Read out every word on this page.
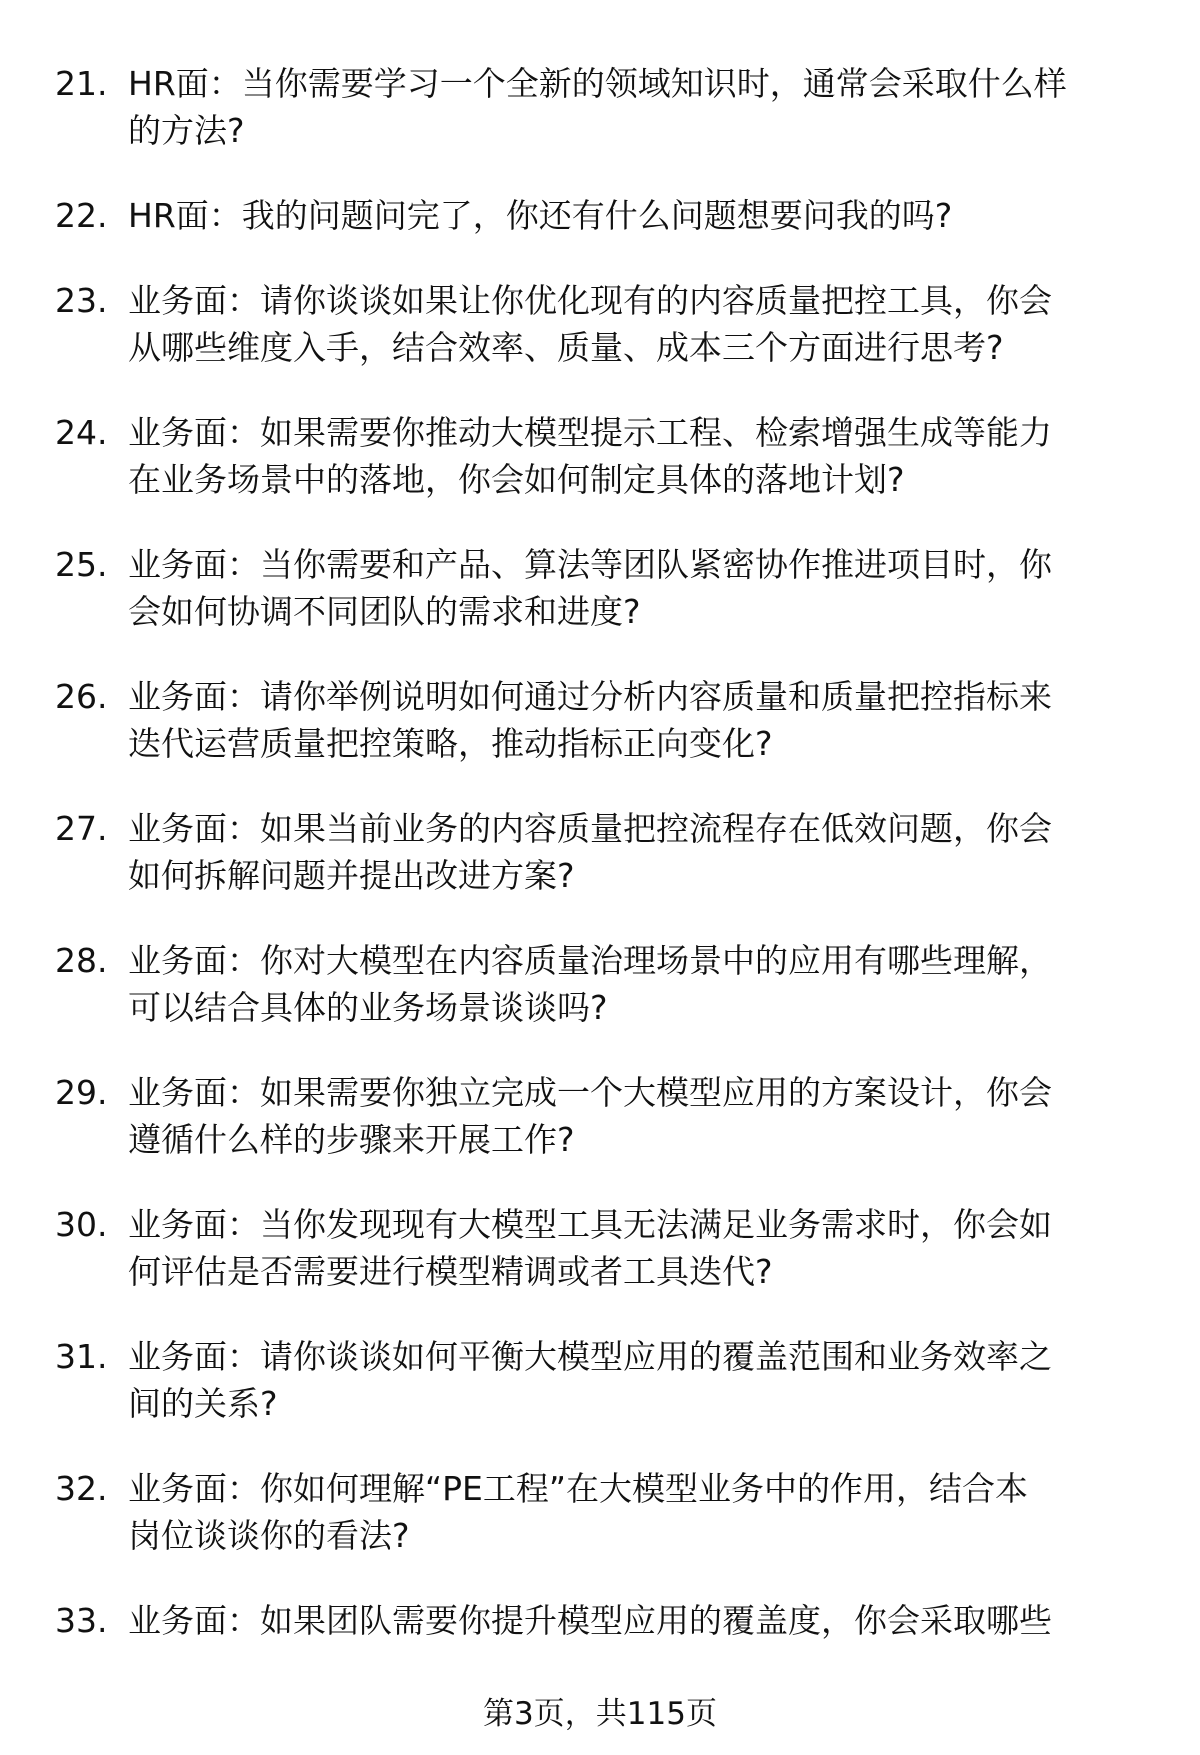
21. HR面：当你需要学习一个全新的领域知识时，通常会采取什么样
的方法?
22. HR面：我的问题问完了，你还有什么问题想要问我的吗?
23. 业务面：请你谈谈如果让你优化现有的内容质量把控工具，你会
从哪些维度入手，结合效率、质量、成本三个方面进行思考?
24. 业务面：如果需要你推动大模型提示工程、检索增强生成等能力
在业务场景中的落地，你会如何制定具体的落地计划?
25. 业务面：当你需要和产品、算法等团队紧密协作推进项目时，你
会如何协调不同团队的需求和进度?
26. 业务面：请你举例说明如何通过分析内容质量和质量把控指标来
迭代运营质量把控策略，推动指标正向变化?
27. 业务面：如果当前业务的内容质量把控流程存在低效问题，你会
如何拆解问题并提出改进方案?
28. 业务面：你对大模型在内容质量治理场景中的应用有哪些理解，
可以结合具体的业务场景谈谈吗?
29. 业务面：如果需要你独立完成一个大模型应用的方案设计，你会
遵循什么样的步骤来开展工作?
30. 业务面：当你发现现有大模型工具无法满足业务需求时，你会如
何评估是否需要进行模型精调或者工具迭代?
31. 业务面：请你谈谈如何平衡大模型应用的覆盖范围和业务效率之
间的关系?
32. 业务面：你如何理解“PE工程”在大模型业务中的作用，结合本
岗位谈谈你的看法?
33. 业务面：如果团队需要你提升模型应用的覆盖度，你会采取哪些
第3页，共115页
